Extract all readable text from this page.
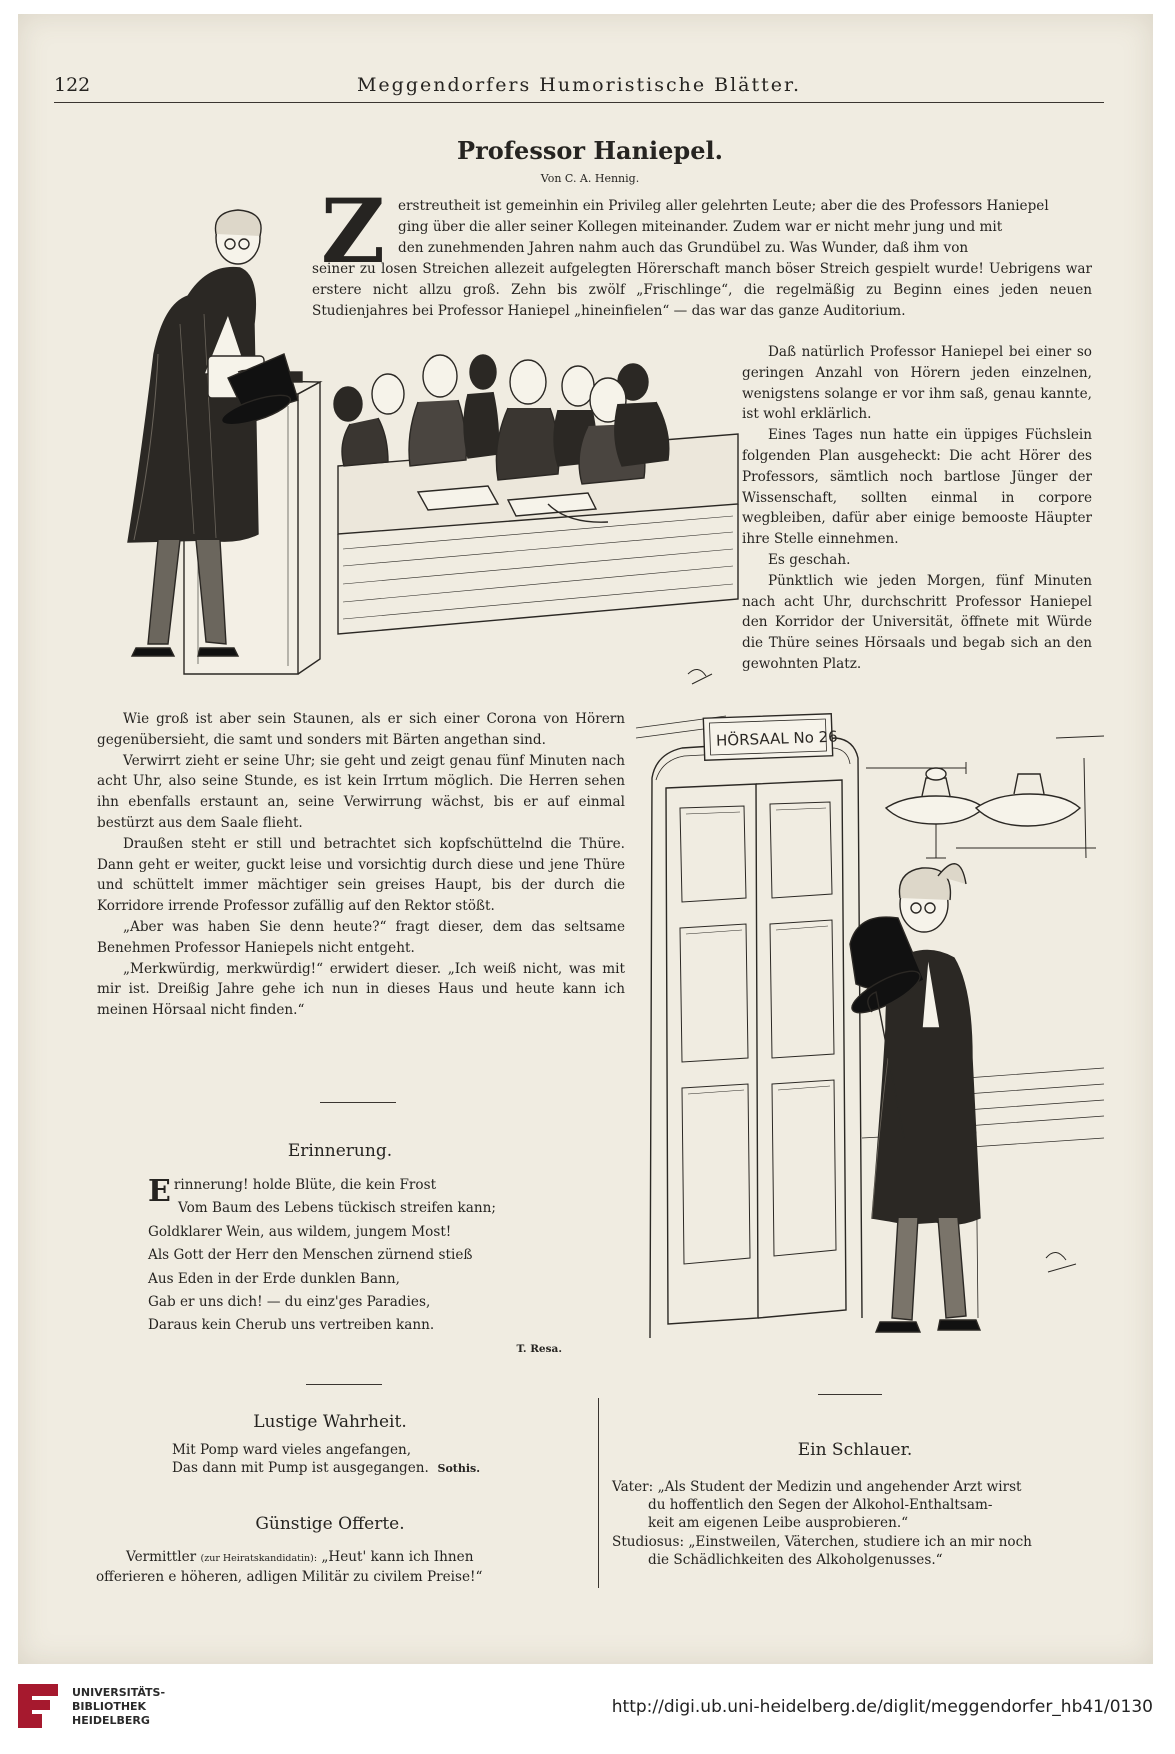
122	Meggendorfers Humoristische Blätter.
Professor Haniepel.
Von C. A. Hennig.
Z erstreutheit ist gemeinhin ein Privileg aller gelehrten Leute; aber die des Professors Haniepel
ging über die aller seiner Kollegen miteinander. Zudem war er nicht mehr jung und mit
den zunehmenden Jahren nahm auch das Grundübel zu. Was Wunder, daß ihm von

seiner zu losen Streichen allezeit aufgelegten Hörerschaft manch böser Streich gespielt wurde! Uebrigens war erstere nicht allzu groß. Zehn bis zwölf „Frischlinge“, die regelmäßig zu Beginn eines jeden neuen Studienjahres bei Professor Haniepel „hineinfielen“ — das war das ganze Auditorium.

Daß natürlich Professor Haniepel bei einer so geringen Anzahl von Hörern jeden einzelnen, wenigstens solange er vor ihm saß, genau kannte, ist wohl erklärlich.

Eines Tages nun hatte ein üppiges Füchslein folgenden Plan ausgeheckt: Die acht Hörer des Professors, sämtlich noch bartlose Jünger der Wissenschaft, sollten einmal in corpore wegbleiben, dafür aber einige bemooste Häupter ihre Stelle einnehmen.

Es geschah.

Pünktlich wie jeden Morgen, fünf Minuten nach acht Uhr, durchschritt Professor Haniepel den Korridor der Universität, öffnete mit Würde die Thüre seines Hörsaals und begab sich an den gewohnten Platz.

Wie groß ist aber sein Staunen, als er sich einer Corona von Hörern gegenübersieht, die samt und sonders mit Bärten angethan sind.

Verwirrt zieht er seine Uhr; sie geht und zeigt genau fünf Minuten nach acht Uhr, also seine Stunde, es ist kein Irrtum möglich. Die Herren sehen ihn ebenfalls erstaunt an, seine Verwirrung wächst, bis er auf einmal bestürzt aus dem Saale flieht.

Draußen steht er still und betrachtet sich kopfschüttelnd die Thüre. Dann geht er weiter, guckt leise und vorsichtig durch diese und jene Thüre und schüttelt immer mächtiger sein greises Haupt, bis der durch die Korridore irrende Professor zufällig auf den Rektor stößt.

„Aber was haben Sie denn heute?“ fragt dieser, dem das seltsame Benehmen Professor Haniepels nicht entgeht.

„Merkwürdig, merkwürdig!“ erwidert dieser. „Ich weiß nicht, was mit mir ist. Dreißig Jahre gehe ich nun in dieses Haus und heute kann ich meinen Hörsaal nicht finden.“

HÖRSAAL No 26
Erinnerung.
Erinnerung! holde Blüte, die kein Frost
Vom Baum des Lebens tückisch streifen kann;
Goldklarer Wein, aus wildem, jungem Most!
Als Gott der Herr den Menschen zürnend stieß
Aus Eden in der Erde dunklen Bann,
Gab er uns dich! — du einz'ges Paradies,
Daraus kein Cherub uns vertreiben kann.
T. Resa.
Lustige Wahrheit.
Mit Pomp ward vieles angefangen,
Das dann mit Pump ist ausgegangen. Sothis.
Günstige Offerte.
Vermittler (zur Heiratskandidatin): „Heut' kann ich Ihnen
offerieren e höheren, adligen Militär zu civilem Preise!“
Ein Schlauer.
Vater: „Als Student der Medizin und angehender Arzt wirst
du hoffentlich den Segen der Alkohol-Enthaltsam-
keit am eigenen Leibe ausprobieren.“
Studiosus: „Einstweilen, Väterchen, studiere ich an mir noch
die Schädlichkeiten des Alkoholgenusses.“
UNIVERSITÄTS-
BIBLIOTHEK
HEIDELBERG
http://digi.ub.uni-heidelberg.de/diglit/meggendorfer_hb41/0130
